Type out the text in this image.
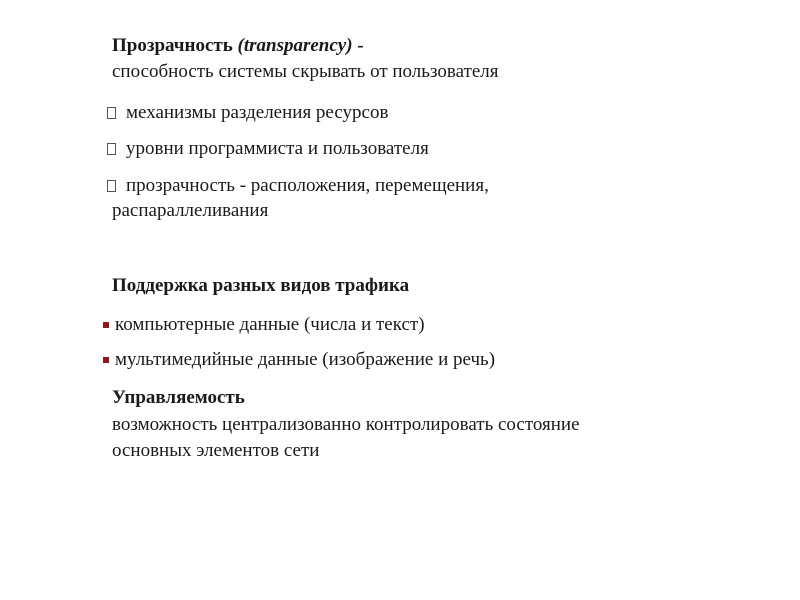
Прозрачность (transparency) -
способность системы скрывать от пользователя
механизмы разделения ресурсов
уровни программиста и пользователя
прозрачность - расположения, перемещения,
распараллеливания
Поддержка разных видов трафика
компьютерные данные (числа и текст)
мультимедийные данные (изображение и речь)
Управляемость
возможность централизованно контролировать состояние
основных элементов сети
